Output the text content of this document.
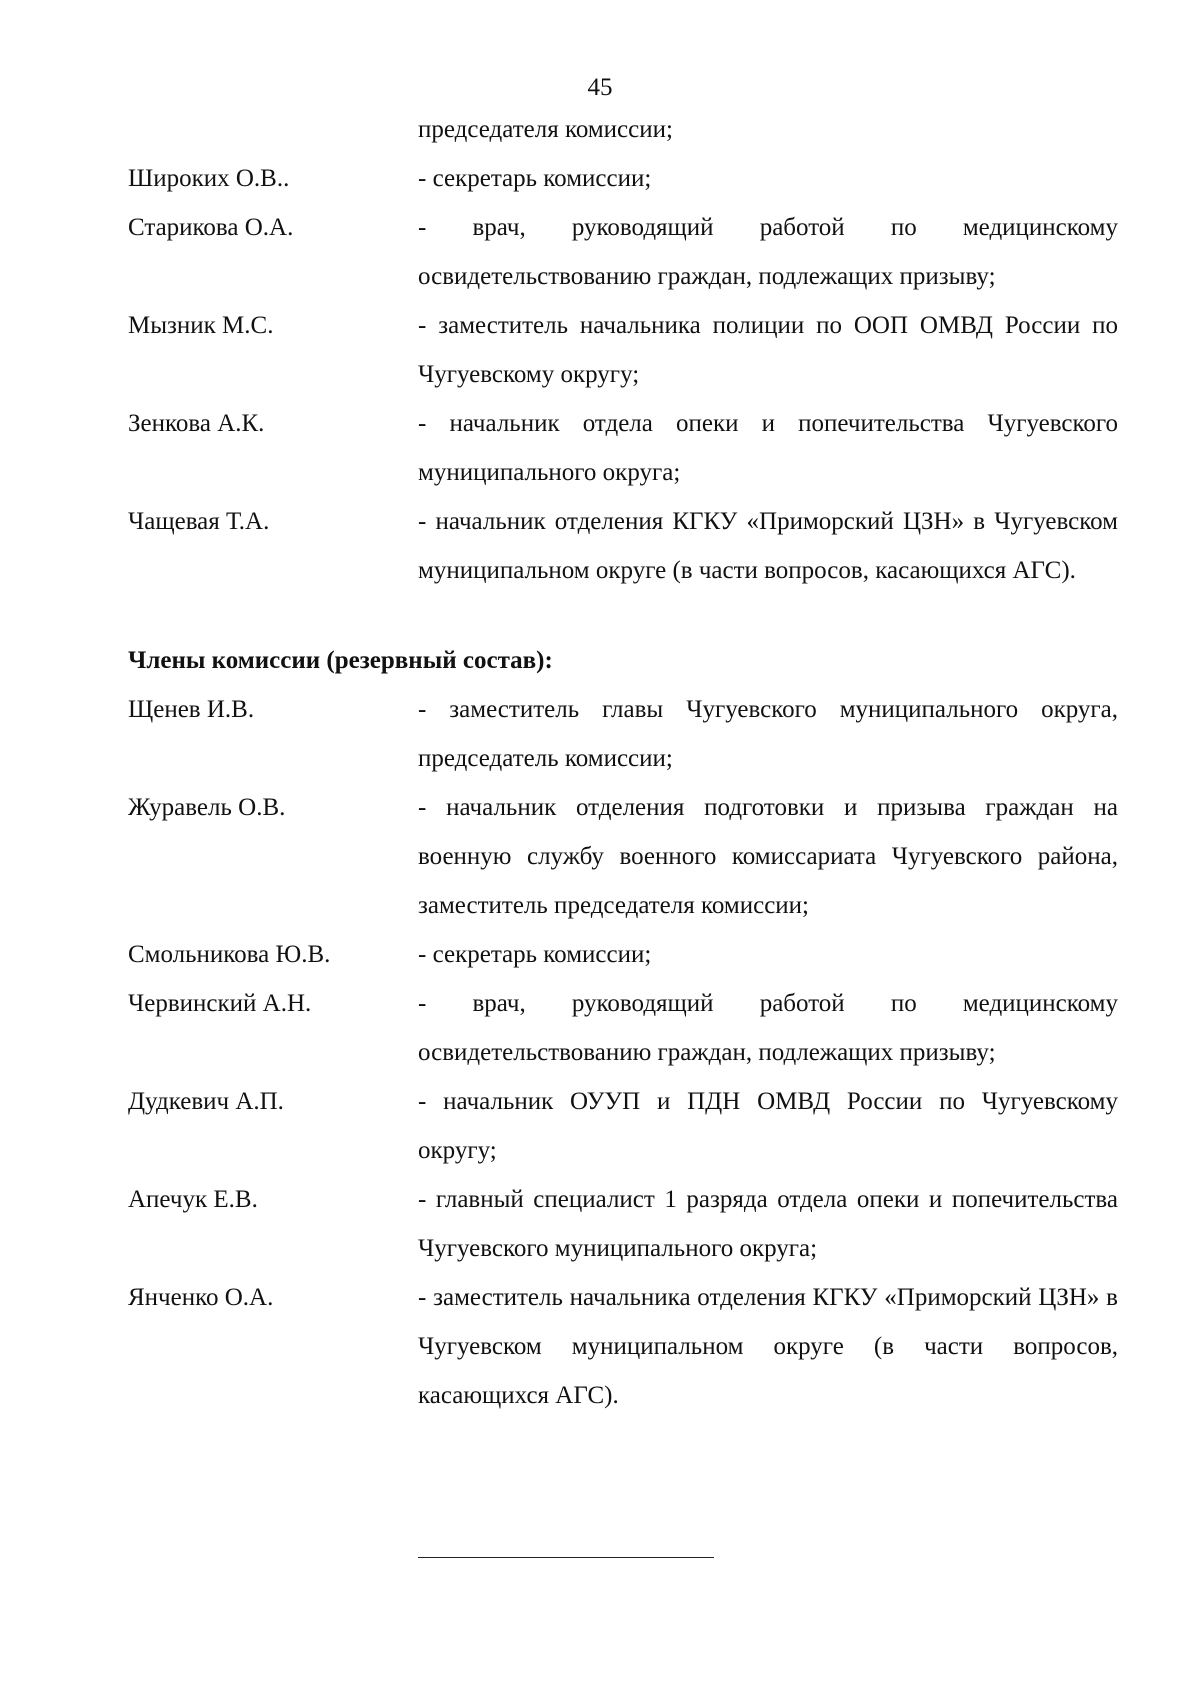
45
председателя комиссии;
Широких О.В..	- секретарь комиссии;
Старикова О.А.	- врач, руководящий работой по медицинскому освидетельствованию граждан, подлежащих призыву;
Мызник М.С.	- заместитель начальника полиции по ООП ОМВД России по Чугуевскому округу;
Зенкова А.К.	- начальник отдела опеки и попечительства Чугуевского муниципального округа;
Чащевая Т.А.	- начальник отделения КГКУ «Приморский ЦЗН» в Чугуевском муниципальном округе (в части вопросов, касающихся АГС).
Члены комиссии (резервный состав):
Щенев И.В.	- заместитель главы Чугуевского муниципального округа, председатель комиссии;
Журавель О.В.	- начальник отделения подготовки и призыва граждан на военную службу военного комиссариата Чугуевского района, заместитель председателя комиссии;
Смольникова Ю.В.	- секретарь комиссии;
Червинский А.Н.	- врач, руководящий работой по медицинскому освидетельствованию граждан, подлежащих призыву;
Дудкевич А.П.	- начальник ОУУП и ПДН ОМВД России по Чугуевскому округу;
Апечук Е.В.	- главный специалист 1 разряда отдела опеки и попечительства Чугуевского муниципального округа;
Янченко О.А.	- заместитель начальника отделения КГКУ «Приморский ЦЗН» в Чугуевском муниципальном округе (в части вопросов, касающихся АГС).
